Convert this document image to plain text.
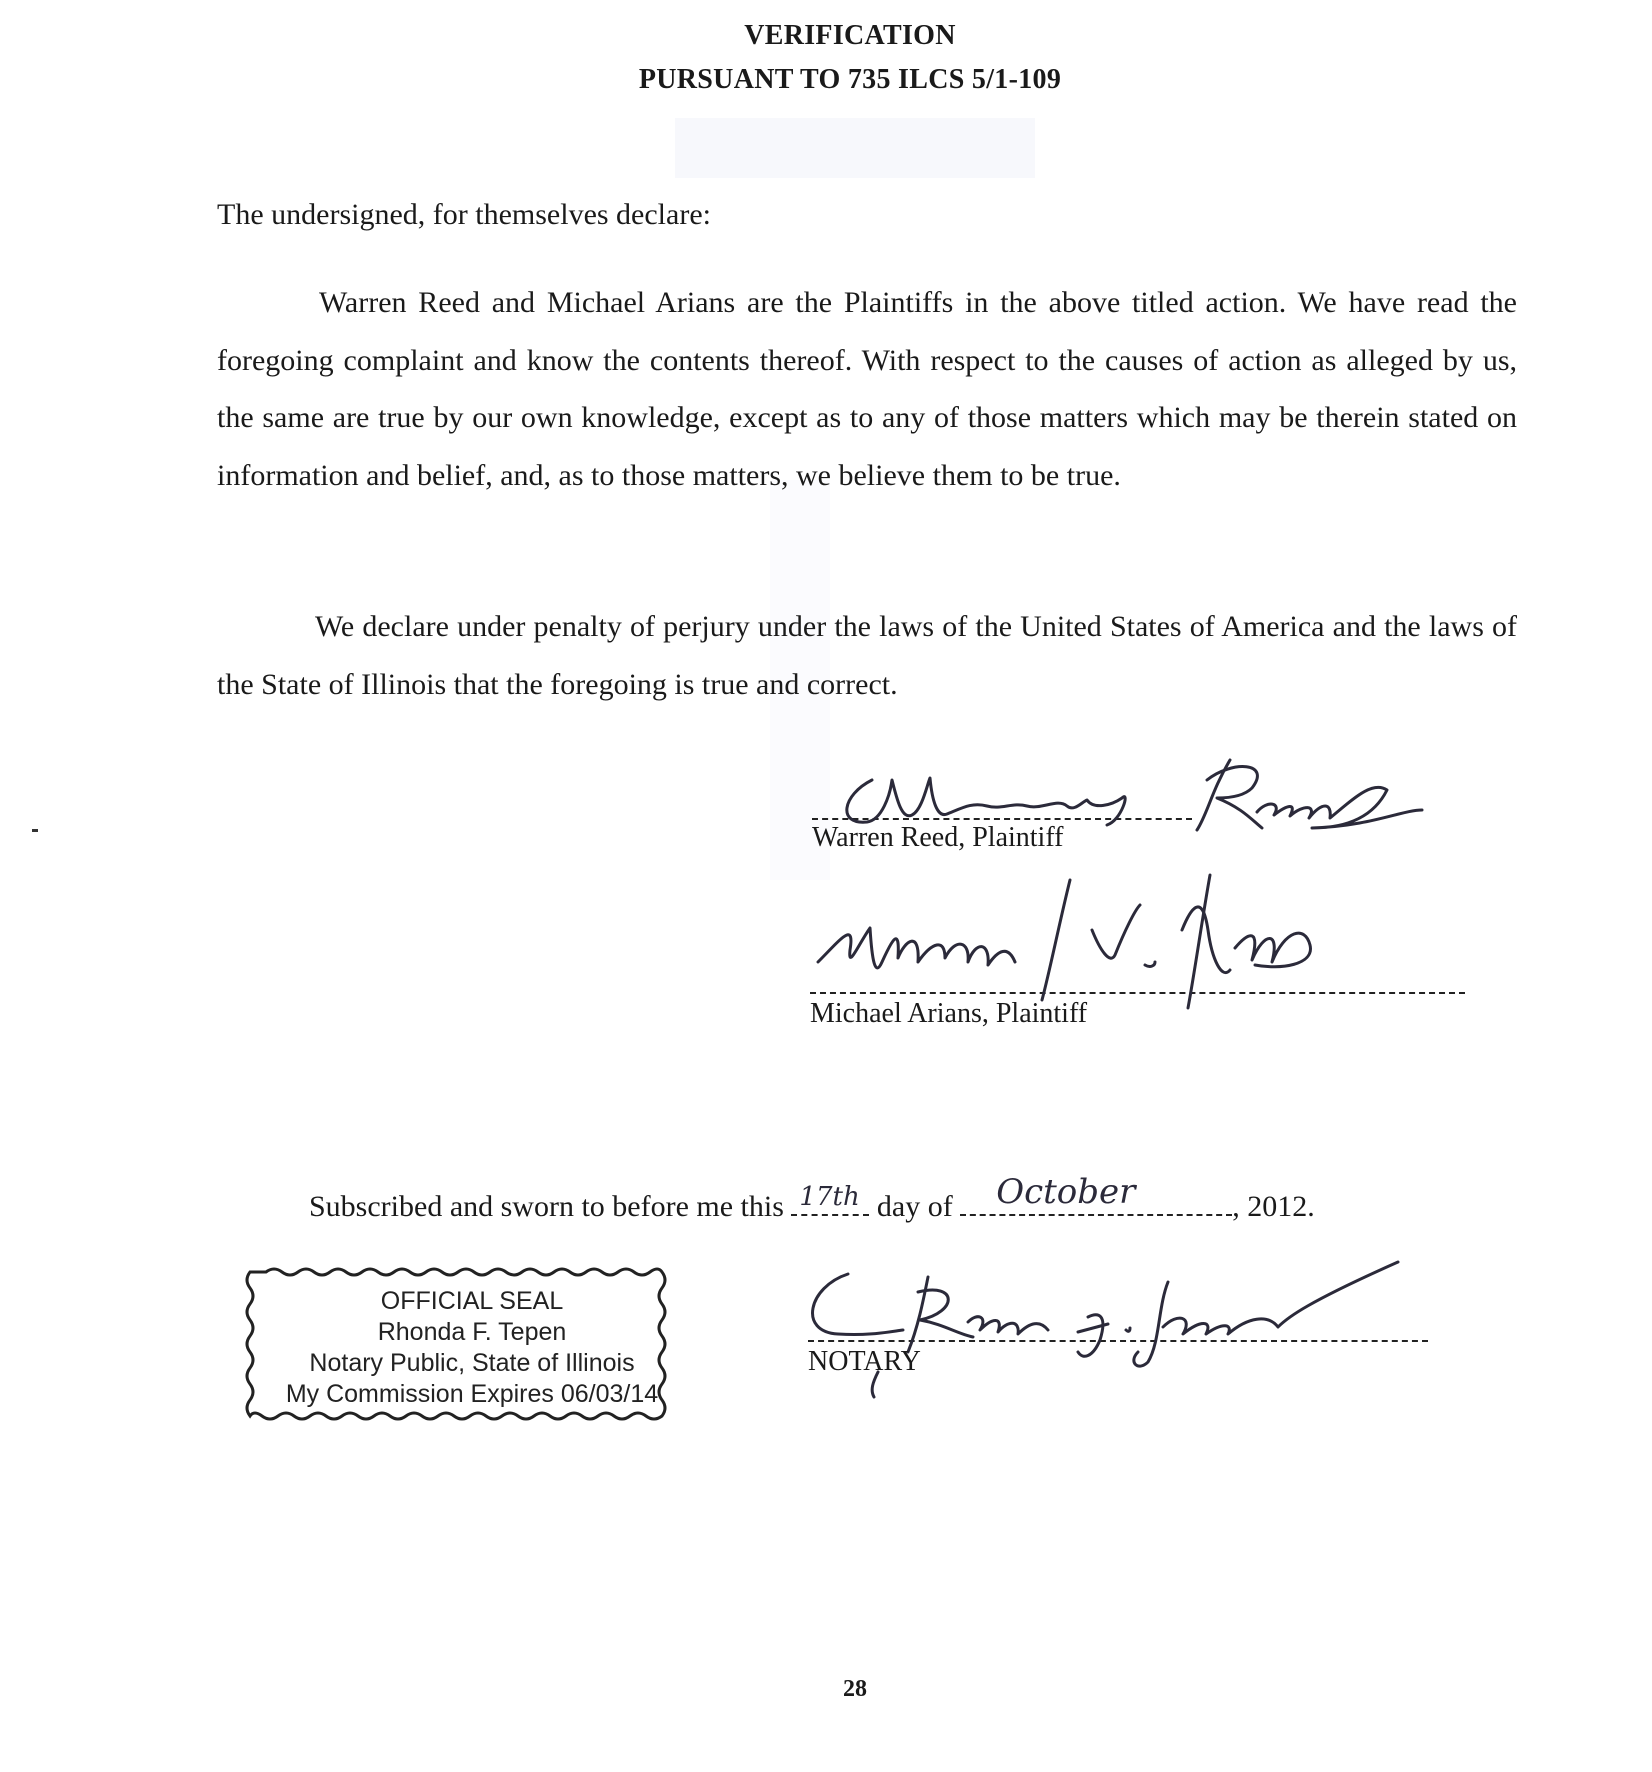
VERIFICATION
PURSUANT TO 735 ILCS 5/1-109
The undersigned, for themselves declare:
Warren Reed and Michael Arians are the Plaintiffs in the above titled action. We have read the foregoing complaint and know the contents thereof. With respect to the causes of action as alleged by us, the same are true by our own knowledge, except as to any of those matters which may be therein stated on information and belief, and, as to those matters, we believe them to be true.
We declare under penalty of perjury under the laws of the United States of America and the laws of the State of Illinois that the foregoing is true and correct.
Warren Reed, Plaintiff
Michael Arians, Plaintiff
Subscribed and sworn to before me this 17th day of October	, 2012.
OFFICIAL SEAL
Rhonda F. Tepen
Notary Public, State of Illinois
My Commission Expires 06/03/14
NOTARY
28
